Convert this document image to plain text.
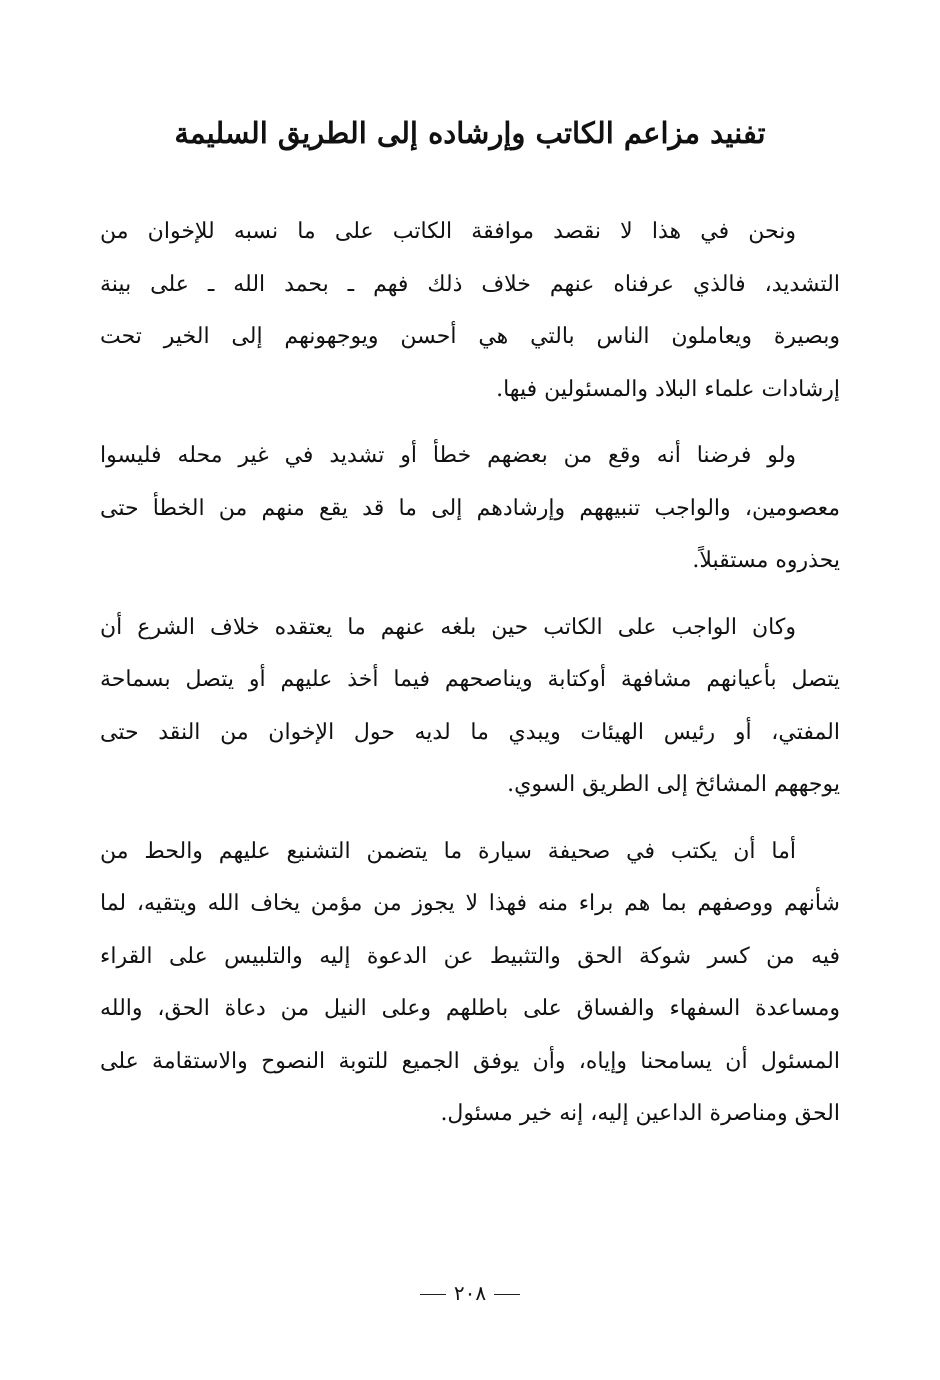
تفنيد مزاعم الكاتب وإرشاده إلى الطريق السليمة

ونحن في هذا لا نقصد موافقة الكاتب على ما نسبه للإخوان من
التشديد، فالذي عرفناه عنهم خلاف ذلك فهم ـ بحمد الله ـ على بينة
وبصيرة ويعاملون الناس بالتي هي أحسن ويوجهونهم إلى الخير تحت
إرشادات علماء البلاد والمسئولين فيها.

ولو فرضنا أنه وقع من بعضهم خطأ أو تشديد في غير محله فليسوا
معصومين، والواجب تنبيههم وإرشادهم إلى ما قد يقع منهم من الخطأ حتى
يحذروه مستقبلاً.

وكان الواجب على الكاتب حين بلغه عنهم ما يعتقده خلاف الشرع أن
يتصل بأعيانهم مشافهة أوكتابة ويناصحهم فيما أخذ عليهم أو يتصل بسماحة
المفتي، أو رئيس الهيئات ويبدي ما لديه حول الإخوان من النقد حتى
يوجههم المشائخ إلى الطريق السوي.

أما أن يكتب في صحيفة سيارة ما يتضمن التشنيع عليهم والحط من
شأنهم ووصفهم بما هم براء منه فهذا لا يجوز من مؤمن يخاف الله ويتقيه، لما
فيه من كسر شوكة الحق والتثبيط عن الدعوة إليه والتلبيس على القراء
ومساعدة السفهاء والفساق على باطلهم وعلى النيل من دعاة الحق، والله
المسئول أن يسامحنا وإياه، وأن يوفق الجميع للتوبة النصوح والاستقامة على
الحق ومناصرة الداعين إليه، إنه خير مسئول.

٢٠٨
